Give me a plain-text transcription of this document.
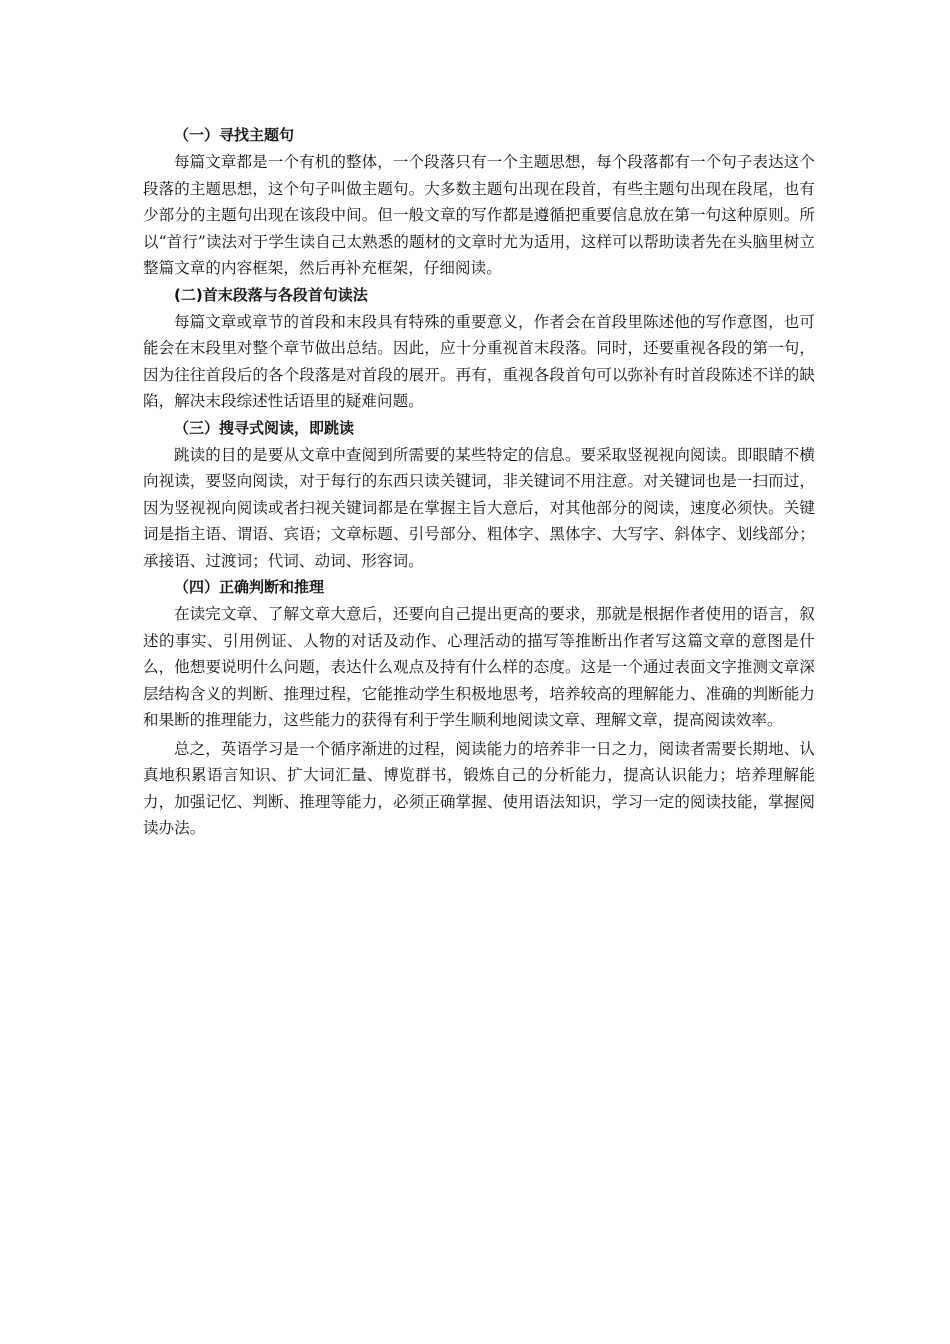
（一）寻找主题句

每篇文章都是一个有机的整体，一个段落只有一个主题思想，每个段落都有一个句子表达这个段落的主题思想，这个句子叫做主题句。大多数主题句出现在段首，有些主题句出现在段尾，也有少部分的主题句出现在该段中间。但一般文章的写作都是遵循把重要信息放在第一句这种原则。所以“首行”读法对于学生读自己太熟悉的题材的文章时尤为适用，这样可以帮助读者先在头脑里树立整篇文章的内容框架，然后再补充框架，仔细阅读。

(二)首末段落与各段首句读法

每篇文章或章节的首段和末段具有特殊的重要意义，作者会在首段里陈述他的写作意图，也可能会在末段里对整个章节做出总结。因此，应十分重视首末段落。同时，还要重视各段的第一句，因为往往首段后的各个段落是对首段的展开。再有，重视各段首句可以弥补有时首段陈述不详的缺陷，解决末段综述性话语里的疑难问题。

（三）搜寻式阅读，即跳读

跳读的目的是要从文章中查阅到所需要的某些特定的信息。要采取竖视视向阅读。即眼睛不横向视读，要竖向阅读，对于每行的东西只读关键词，非关键词不用注意。对关键词也是一扫而过，因为竖视视向阅读或者扫视关键词都是在掌握主旨大意后，对其他部分的阅读，速度必须快。关键词是指主语、谓语、宾语；文章标题、引号部分、粗体字、黑体字、大写字、斜体字、划线部分；承接语、过渡词；代词、动词、形容词。

（四）正确判断和推理

在读完文章、了解文章大意后，还要向自己提出更高的要求，那就是根据作者使用的语言，叙述的事实、引用例证、人物的对话及动作、心理活动的描写等推断出作者写这篇文章的意图是什么，他想要说明什么问题，表达什么观点及持有什么样的态度。这是一个通过表面文字推测文章深层结构含义的判断、推理过程，它能推动学生积极地思考，培养较高的理解能力、准确的判断能力和果断的推理能力，这些能力的获得有利于学生顺利地阅读文章、理解文章，提高阅读效率。

总之，英语学习是一个循序渐进的过程，阅读能力的培养非一日之力，阅读者需要长期地、认真地积累语言知识、扩大词汇量、博览群书，锻炼自己的分析能力，提高认识能力；培养理解能力，加强记忆、判断、推理等能力，必须正确掌握、使用语法知识，学习一定的阅读技能，掌握阅读办法。
